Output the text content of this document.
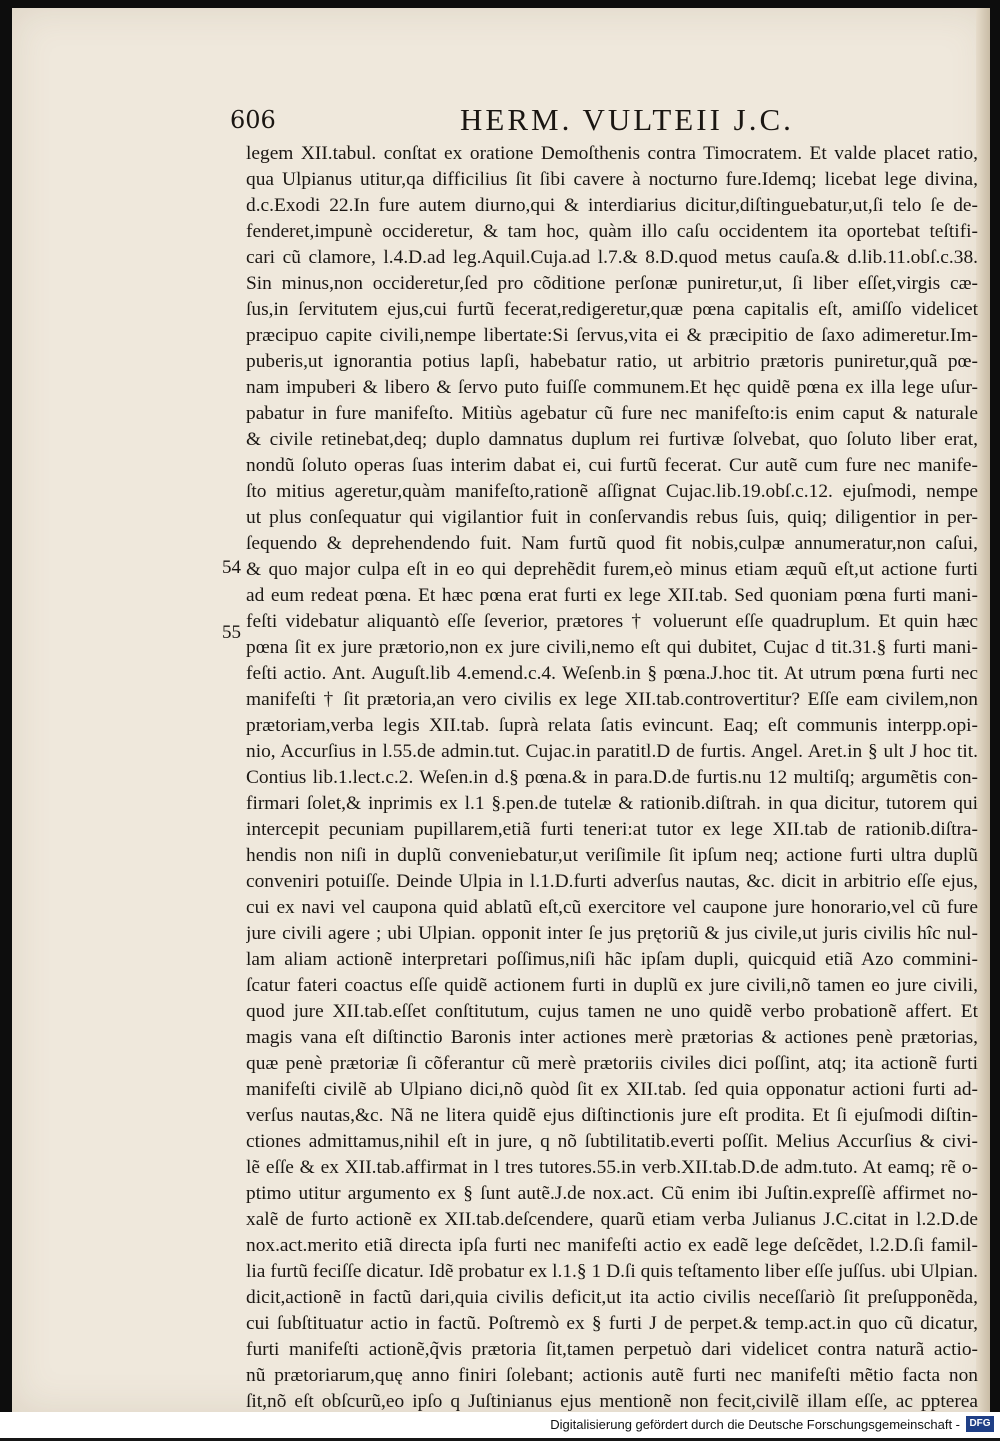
606	HERM. VULTEII J.C.
54
55
legem XII.tabul. conſtat ex oratione Demoſthenis contra Timocratem. Et valde placet ratio,
qua Ulpianus utitur,qa difficilius ſit ſibi cavere à nocturno fure.Idemq; licebat lege divina,
d.c.Exodi 22.In fure autem diurno,qui & interdiarius dicitur,diſtinguebatur,ut,ſi telo ſe de-
fenderet,impunè occideretur, & tam hoc, quàm illo caſu occidentem ita oportebat teſtifi-
cari cũ clamore, l.4.D.ad leg.Aquil.Cuja.ad l.7.& 8.D.quod metus cauſa.& d.lib.11.obſ.c.38.
Sin minus,non occideretur,ſed pro cõditione perſonæ puniretur,ut, ſi liber eſſet,virgis cæ-
ſus,in ſervitutem ejus,cui furtũ fecerat,redigeretur,quæ pœna capitalis eſt, amiſſo videlicet
præcipuo capite civili,nempe libertate:Si ſervus,vita ei & præcipitio de ſaxo adimeretur.Im-
puberis,ut ignorantia potius lapſi, habebatur ratio, ut arbitrio prætoris puniretur,quã pœ-
nam impuberi & libero & ſervo puto fuiſſe communem.Et hęc quidẽ pœna ex illa lege uſur-
pabatur in fure manifeſto. Mitiùs agebatur cũ fure nec manifeſto:is enim caput & naturale
& civile retinebat,deq; duplo damnatus duplum rei furtivæ ſolvebat, quo ſoluto liber erat,
nondũ ſoluto operas ſuas interim dabat ei, cui furtũ fecerat. Cur autẽ cum fure nec manife-
ſto mitius ageretur,quàm manifeſto,rationẽ aſſignat Cujac.lib.19.obſ.c.12. ejuſmodi, nempe
ut plus conſequatur qui vigilantior fuit in conſervandis rebus ſuis, quiq; diligentior in per-
ſequendo & deprehendendo fuit. Nam furtũ quod fit nobis,culpæ annumeratur,non caſui,
& quo major culpa eſt in eo qui deprehẽdit furem,eò minus etiam æquũ eſt,ut actione furti
ad eum redeat pœna. Et hæc pœna erat furti ex lege XII.tab. Sed quoniam pœna furti mani-
feſti videbatur aliquantò eſſe ſeverior, prætores † voluerunt eſſe quadruplum. Et quin hæc
pœna ſit ex jure prætorio,non ex jure civili,nemo eſt qui dubitet, Cujac d tit.31.§ furti mani-
feſti actio. Ant. Auguſt.lib 4.emend.c.4. Weſenb.in § pœna.J.hoc tit. At utrum pœna furti nec
manifeſti † ſit prætoria,an vero civilis ex lege XII.tab.controvertitur? Eſſe eam civilem,non
prætoriam,verba legis XII.tab. ſuprà relata ſatis evincunt. Eaq; eſt communis interpp.opi-
nio, Accurſius in l.55.de admin.tut. Cujac.in paratitl.D de furtis. Angel. Aret.in § ult J hoc tit.
Contius lib.1.lect.c.2. Weſen.in d.§ pœna.& in para.D.de furtis.nu 12 multiſq; argumẽtis con-
firmari ſolet,& inprimis ex l.1 §.pen.de tutelæ & rationib.diſtrah. in qua dicitur, tutorem qui
intercepit pecuniam pupillarem,etiã furti teneri:at tutor ex lege XII.tab de rationib.diſtra-
hendis non niſi in duplũ conveniebatur,ut veriſimile ſit ipſum neq; actione furti ultra duplũ
conveniri potuiſſe. Deinde Ulpia in l.1.D.furti adverſus nautas, &c. dicit in arbitrio eſſe ejus,
cui ex navi vel caupona quid ablatũ eſt,cũ exercitore vel caupone jure honorario,vel cũ fure
jure civili agere ; ubi Ulpian. opponit inter ſe jus prętoriũ & jus civile,ut juris civilis hîc nul-
lam aliam actionẽ interpretari poſſimus,niſi hãc ipſam dupli, quicquid etiã Azo commini-
ſcatur fateri coactus eſſe quidẽ actionem furti in duplũ ex jure civili,nõ tamen eo jure civili,
quod jure XII.tab.eſſet conſtitutum, cujus tamen ne uno quidẽ verbo probationẽ affert. Et
magis vana eſt diſtinctio Baronis inter actiones merè prætorias & actiones penè prætorias,
quæ penè prætoriæ ſi cõferantur cũ merè prætoriis civiles dici poſſint, atq; ita actionẽ furti
manifeſti civilẽ ab Ulpiano dici,nõ quòd ſit ex XII.tab. ſed quia opponatur actioni furti ad-
verſus nautas,&c. Nã ne litera quidẽ ejus diſtinctionis jure eſt prodita. Et ſi ejuſmodi diſtin-
ctiones admittamus,nihil eſt in jure, q nõ ſubtilitatib.everti poſſit. Melius Accurſius & civi-
lẽ eſſe & ex XII.tab.affirmat in l tres tutores.55.in verb.XII.tab.D.de adm.tuto. At eamq; rẽ o-
ptimo utitur argumento ex § ſunt autẽ.J.de nox.act. Cũ enim ibi Juſtin.expreſſè affirmet no-
xalẽ de furto actionẽ ex XII.tab.deſcendere, quarũ etiam verba Julianus J.C.citat in l.2.D.de
nox.act.merito etiã directa ipſa furti nec manifeſti actio ex eadẽ lege deſcẽdet, l.2.D.ſi famil-
lia furtũ feciſſe dicatur. Idẽ probatur ex l.1.§ 1 D.ſi quis teſtamento liber eſſe juſſus. ubi Ulpian.
dicit,actionẽ in factũ dari,quia civilis deficit,ut ita actio civilis neceſſariò ſit preſupponẽda,
cui ſubſtituatur actio in factũ. Poſtremò ex § furti J de perpet.& temp.act.in quo cũ dicatur,
furti manifeſti actionẽ,q̃vis prætoria ſit,tamen perpetuò dari videlicet contra naturã actio-
nũ prætoriarum,quę anno finiri ſolebant; actionis autẽ furti nec manifeſti mẽtio facta non
ſit,nõ eſt obſcurũ,eo ipſo q Juſtinianus ejus mentionẽ non fecit,civilẽ illam eſſe, ac ppterea
Digitalisierung gefördert durch die Deutsche Forschungsgemeinschaft - DFG
